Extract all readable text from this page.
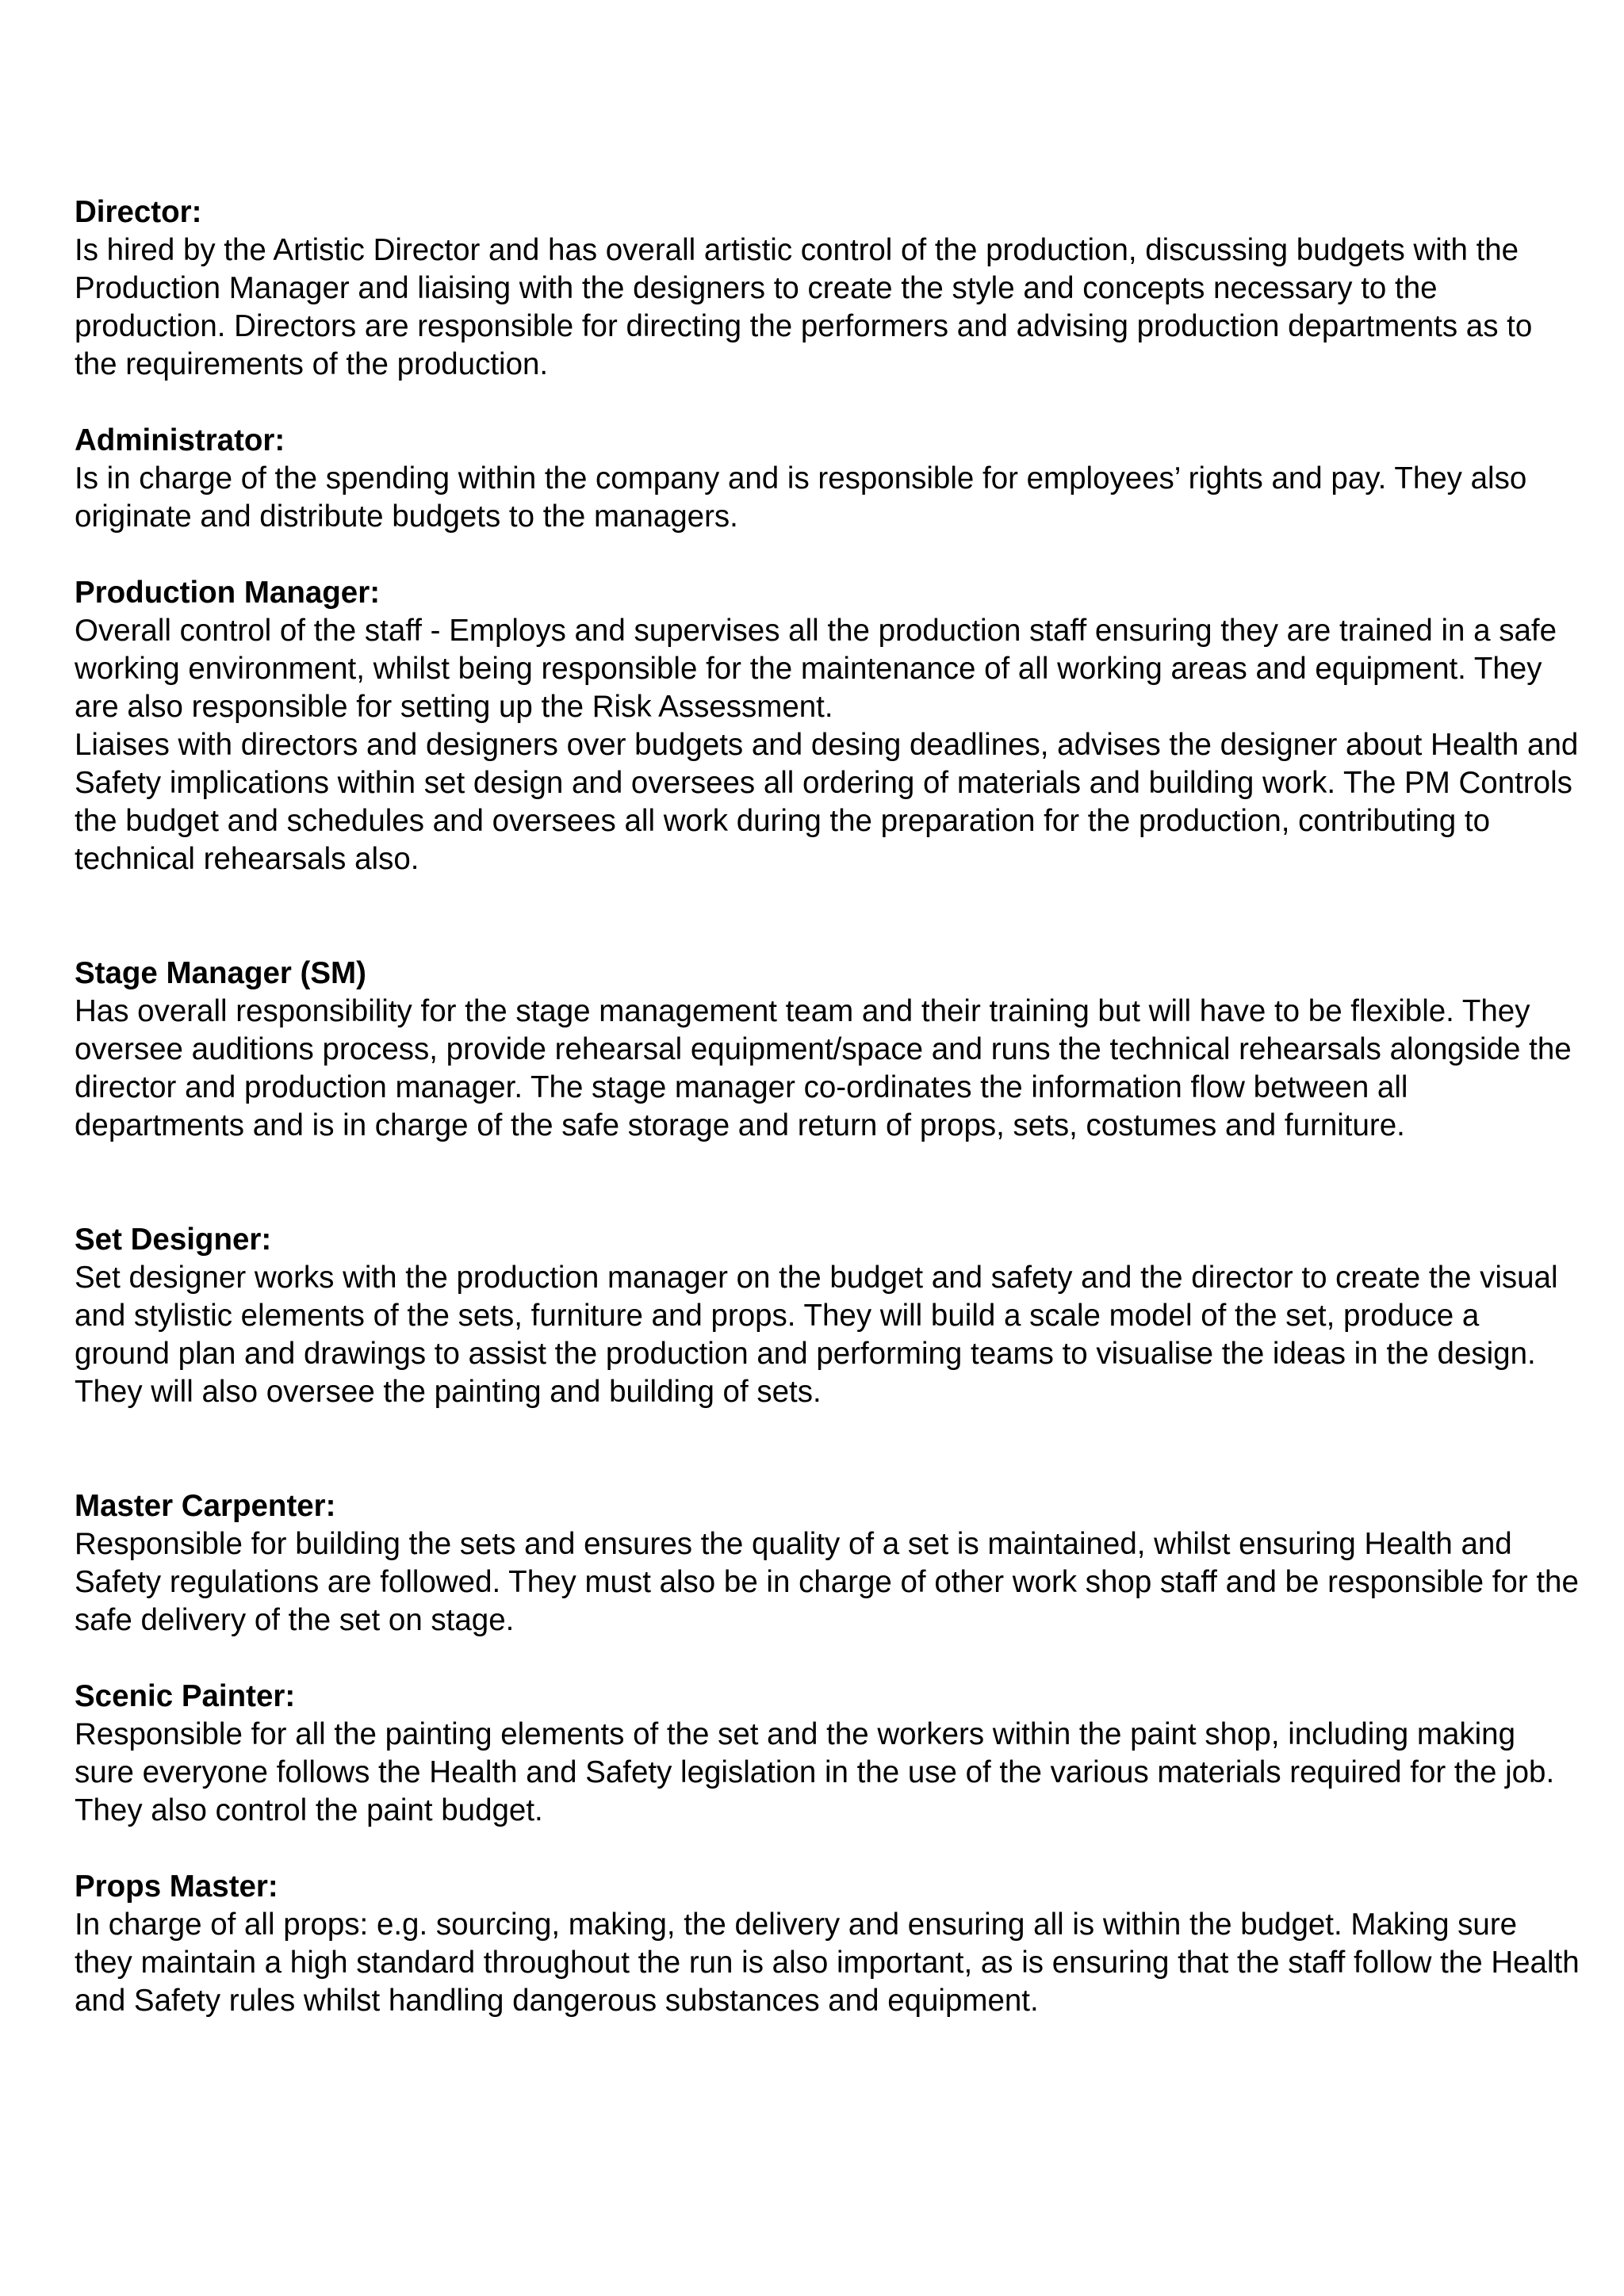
Director:

Is hired by the Artistic Director and has overall artistic control of the production, discussing budgets with the Production Manager and liaising with the designers to create the style and concepts necessary to the production. Directors are responsible for directing the performers and advising production departments as to the requirements of the production.

Administrator:

Is in charge of the spending within the company and is responsible for employees’ rights and pay. They also originate and distribute budgets to the managers.

Production Manager:

Overall control of the staff - Employs and supervises all the production staff ensuring they are trained in a safe working environment, whilst being responsible for the maintenance of all working areas and equipment. They are also responsible for setting up the Risk Assessment.

Liaises with directors and designers over budgets and desing deadlines, advises the designer about Health and Safety implications within set design and oversees all ordering of materials and building work. The PM Controls the budget and schedules and oversees all work during the preparation for the production, contributing to technical rehearsals also.

Stage Manager (SM)

Has overall responsibility for the stage management team and their training but will have to be flexible. They oversee auditions process, provide rehearsal equipment/space and runs the technical rehearsals alongside the director and production manager. The stage manager co-ordinates the information flow between all departments and is in charge of the safe storage and return of props, sets, costumes and furniture.

Set Designer:

Set designer works with the production manager on the budget and safety and the director to create the visual and stylistic elements of the sets, furniture and props. They will build a scale model of the set, produce a ground plan and drawings to assist the production and performing teams to visualise the ideas in the design. They will also oversee the painting and building of sets.

Master Carpenter:

Responsible for building the sets and ensures the quality of a set is maintained, whilst ensuring Health and Safety regulations are followed. They must also be in charge of other work shop staff and be responsible for the safe delivery of the set on stage.

Scenic Painter:

Responsible for all the painting elements of the set and the workers within the paint shop, including making sure everyone follows the Health and Safety legislation in the use of the various materials required for the job. They also control the paint budget.

Props Master:

In charge of all props: e.g. sourcing, making, the delivery and ensuring all is within the budget. Making sure they maintain a high standard throughout the run is also important, as is ensuring that the staff follow the Health and Safety rules whilst handling dangerous substances and equipment.
